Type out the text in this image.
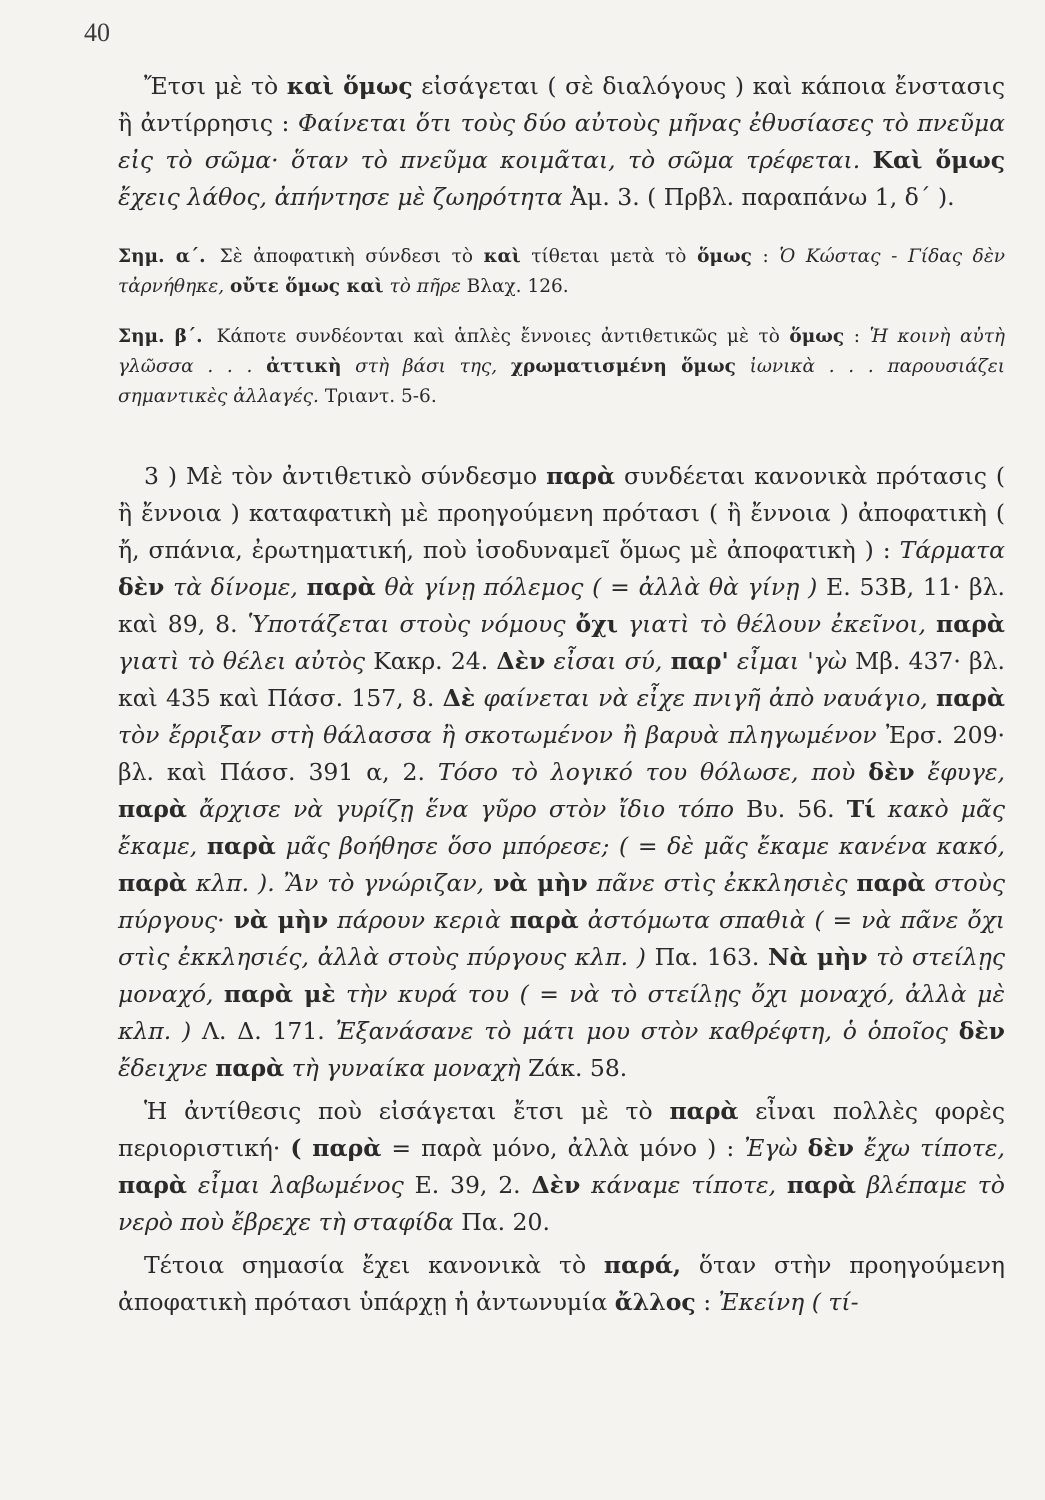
40

Ἔτσι μὲ τὸ καὶ ὅμως εἰσάγεται ( σὲ διαλόγους ) καὶ κάποια ἔνστασις ἢ ἀντίρρησις : Φαίνεται ὅτι τοὺς δύο αὐτοὺς μῆνας ἐθυσίασες τὸ πνεῦμα εἰς τὸ σῶμα· ὅταν τὸ πνεῦμα κοιμᾶται, τὸ σῶμα τρέφεται. Καὶ ὅμως ἔχεις λάθος, ἀπήντησε μὲ ζωηρότητα Ἀμ. 3. ( Πρβλ. παραπάνω 1, δ΄ ).

Σημ. α΄. Σὲ ἀποφατικὴ σύνδεσι τὸ καὶ τίθεται μετὰ τὸ ὅμως : Ὁ Κώστας - Γίδας δὲν τἀρνήθηκε, οὔτε ὅμως καὶ τὸ πῆρε Βλαχ. 126.

Σημ. β΄. Κάποτε συνδέονται καὶ ἁπλὲς ἔννοιες ἀντιθετικῶς μὲ τὸ ὅμως : Ἡ κοινὴ αὐτὴ γλῶσσα . . . ἀττικὴ στὴ βάσι της, χρωματισμένη ὅμως ἰωνικὰ . . . παρουσιάζει σημαντικὲς ἀλλαγές. Τριαντ. 5-6.

3 ) Μὲ τὸν ἀντιθετικὸ σύνδεσμο παρὰ συνδέεται κανονικὰ πρότασις ( ἢ ἔννοια ) καταφατικὴ μὲ προηγούμενη πρότασι ( ἢ ἔννοια ) ἀποφατικὴ ( ἤ, σπάνια, ἐρωτηματική, ποὺ ἰσοδυναμεῖ ὅμως μὲ ἀποφατικὴ ) : Τάρματα δὲν τὰ δίνομε, παρὰ θὰ γίνῃ πόλεμος ( = ἀλλὰ θὰ γίνῃ ) Ε. 53Β, 11· βλ. καὶ 89, 8. Ὑποτάζεται στοὺς νόμους ὄχι γιατὶ τὸ θέλουν ἐκεῖνοι, παρὰ γιατὶ τὸ θέλει αὐτὸς Κακρ. 24. Δὲν εἶσαι σύ, παρ' εἶμαι 'γὼ Μβ. 437· βλ. καὶ 435 καὶ Πάσσ. 157, 8. Δὲ φαίνεται νὰ εἶχε πνιγῆ ἀπὸ ναυάγιο, παρὰ τὸν ἔρριξαν στὴ θάλασσα ἢ σκοτωμένον ἢ βαρυὰ πληγωμένον Ἐρσ. 209· βλ. καὶ Πάσσ. 391 α, 2. Τόσο τὸ λογικό του θόλωσε, ποὺ δὲν ἔφυγε, παρὰ ἄρχισε νὰ γυρίζῃ ἕνα γῦρο στὸν ἴδιο τόπο Βυ. 56. Τί κακὸ μᾶς ἔκαμε, παρὰ μᾶς βοήθησε ὅσο μπόρεσε; ( = δὲ μᾶς ἔκαμε κανένα κακό, παρὰ κλπ. ). Ἂν τὸ γνώριζαν, νὰ μὴν πᾶνε στὶς ἐκκλησιὲς παρὰ στοὺς πύργους· νὰ μὴν πάρουν κεριὰ παρὰ ἀστόμωτα σπαθιὰ ( = νὰ πᾶνε ὄχι στὶς ἐκκλησιές, ἀλλὰ στοὺς πύργους κλπ. ) Πα. 163. Νὰ μὴν τὸ στείλῃς μοναχό, παρὰ μὲ τὴν κυρά του ( = νὰ τὸ στείλῃς ὄχι μοναχό, ἀλλὰ μὲ κλπ. ) Λ. Δ. 171. Ἐξανάσανε τὸ μάτι μου στὸν καθρέφτη, ὁ ὁποῖος δὲν ἔδειχνε παρὰ τὴ γυναίκα μοναχὴ Ζάκ. 58.

Ἡ ἀντίθεσις ποὺ εἰσάγεται ἔτσι μὲ τὸ παρὰ εἶναι πολλὲς φορὲς περιοριστική· ( παρὰ = παρὰ μόνο, ἀλλὰ μόνο ) : Ἐγὼ δὲν ἔχω τίποτε, παρὰ εἶμαι λαβωμένος Ε. 39, 2. Δὲν κάναμε τίποτε, παρὰ βλέπαμε τὸ νερὸ ποὺ ἔβρεχε τὴ σταφίδα Πα. 20.

Τέτοια σημασία ἔχει κανονικὰ τὸ παρά, ὅταν στὴν προηγούμενη ἀποφατικὴ πρότασι ὑπάρχῃ ἡ ἀντωνυμία ἄλλος : Ἐκείνη ( τί-
